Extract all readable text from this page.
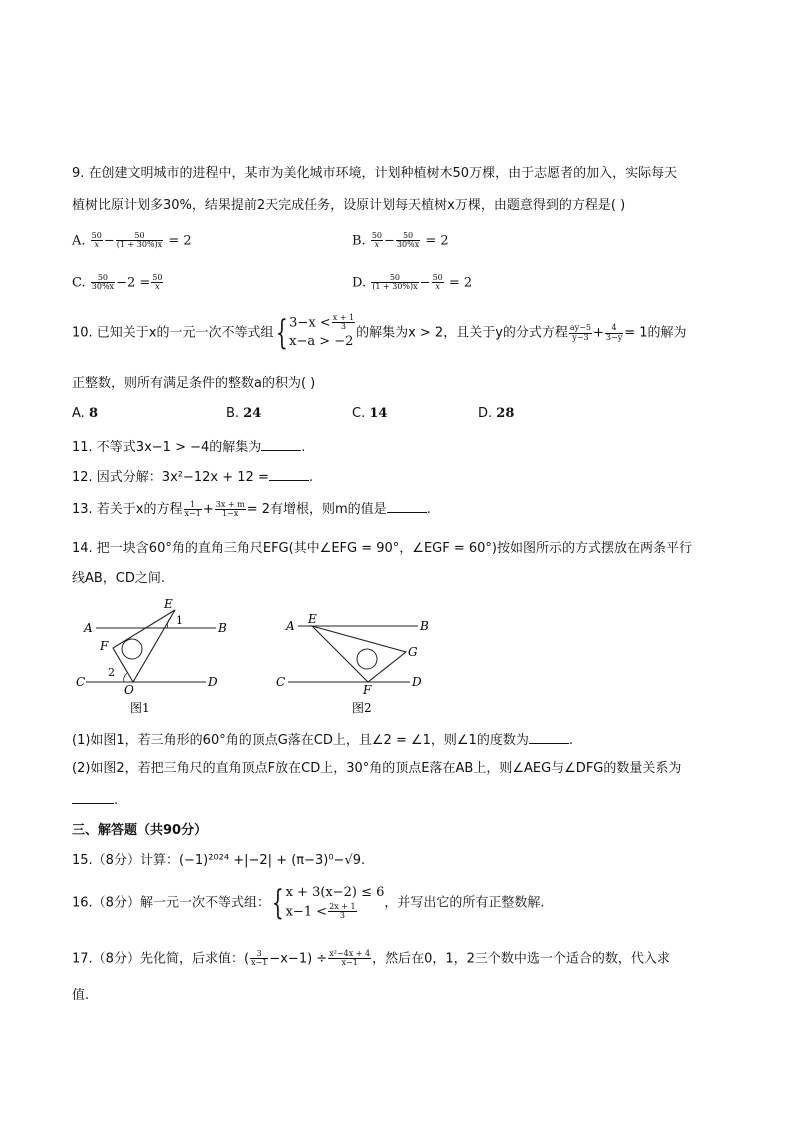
9. 在创建文明城市的进程中，某市为美化城市环境，计划种植树木50万棵，由于志愿者的加入，实际每天
植树比原计划多30%，结果提前2天完成任务，设原计划每天植树x万棵，由题意得到的方程是( )
A. $\frac{50}{x} - \frac{50}{(1 + 30\%)x} = 2$	B. $\frac{50}{x} - \frac{50}{30\%x} = 2$
C. $\frac{50}{30\%x} -2 = \frac{50}{x}$	D. $\frac{50}{(1 + 30\%)x} - \frac{50}{x} = 2$
10. 已知关于x的一元一次不等式组{ $3-x < \frac{x + 1}{3}$
x−a > −2
的解集为x > 2，且关于y的分式方程 $\frac{ay-5}{y-3} + \frac{4}{3-y} = 1$的解为
正整数，则所有满足条件的整数a的积为( )
A. 8	B. 24	C. 14	D. 28
11. 不等式3x−1 > −4的解集为	.
12. 因式分解：3x²−12x + 12 =	.
13. 若关于x的方程 $\frac{1}{x-1} + \frac{3x + m}{1-x} = 2$有增根，则m的值是	.
14. 把一块含60°角的直角三角尺EFG(其中∠EFG = 90°，∠EGF = 60°)按如图所示的方式摆放在两条平行
线AB，CD之间.
A	B
C	D
E
F
O
1
2
图1
A	B
C	D
E
G
F
图2
(1)如图1，若三角形的60°角的顶点G落在CD上，且∠2 = ∠1，则∠1的度数为	.
(2)如图2，若把三角尺的直角顶点F放在CD上，30°角的顶点E落在AB上，则∠AEG与∠DFG的数量关系为
.
三、解答题（共90分）
15.（8分）计算：(−1)²⁰²⁴ +|−2| + (π−3)⁰−√9.
16.（8分）解一元一次不等式组：{ x + 3(x−2) ≤ 6
$x-1 < \frac{2x + 1}{3}$ ，并写出它的所有正整数解.
17.（8分）先化简，后求值：( $\frac{3}{x-1} -x-1) \div \frac{\text{x²−4x + 4}}{x-1}$ ，然后在0，1，2三个数中选一个适合的数，代入求
值.
